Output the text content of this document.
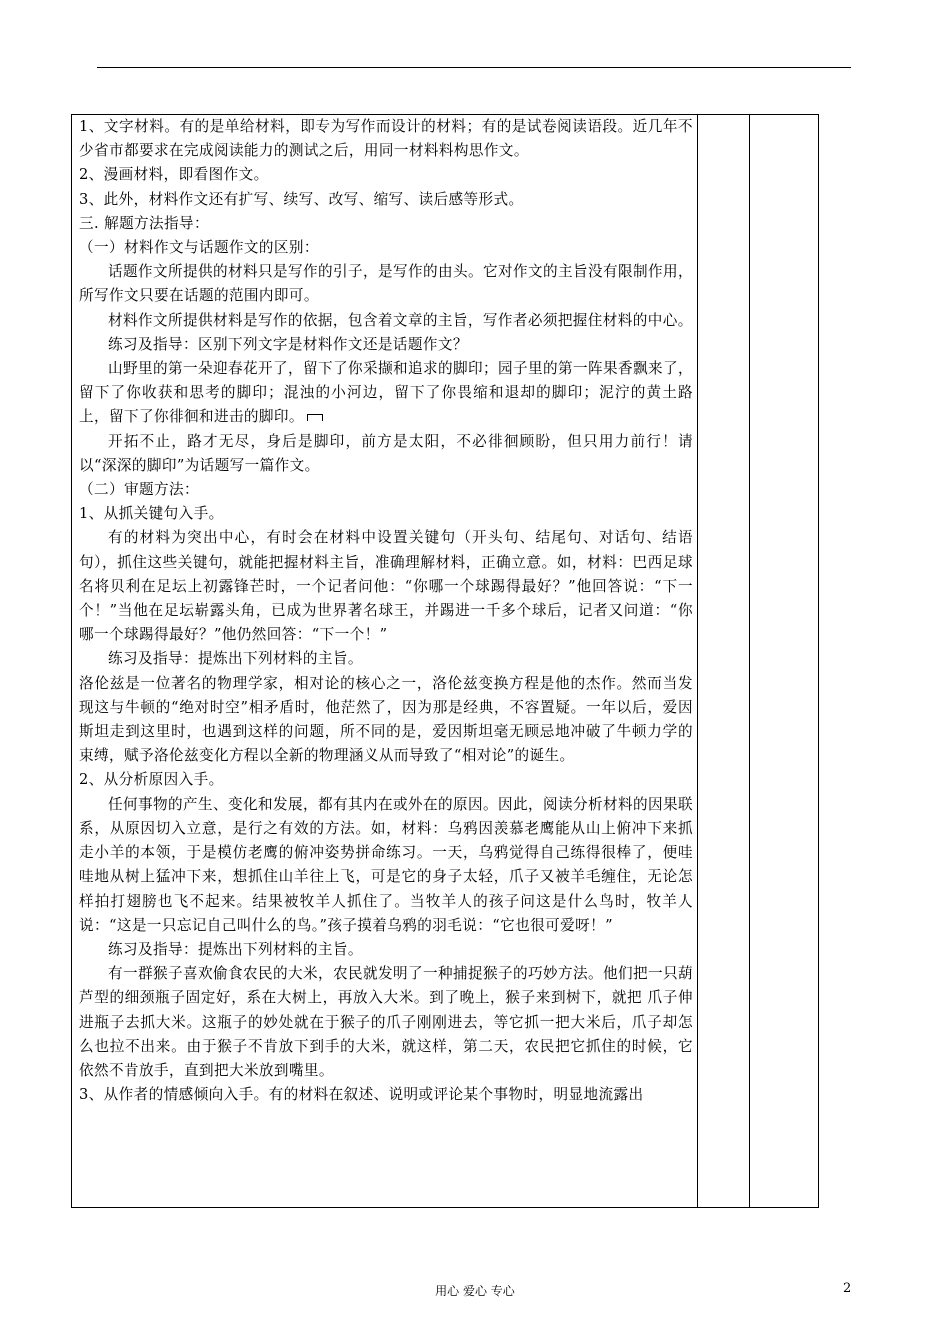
1、文字材料。有的是单给材料，即专为写作而设计的材料；有的是试卷阅读语段。近几年不少省市都要求在完成阅读能力的测试之后，用同一材料料构思作文。

2、漫画材料，即看图作文。

3、此外，材料作文还有扩写、续写、改写、缩写、读后感等形式。

三. 解题方法指导：

（一）材料作文与话题作文的区别：

话题作文所提供的材料只是写作的引子，是写作的由头。它对作文的主旨没有限制作用，所写作文只要在话题的范围内即可。

材料作文所提供材料是写作的依据，包含着文章的主旨，写作者必须把握住材料的中心。

练习及指导：区别下列文字是材料作文还是话题作文？

山野里的第一朵迎春花开了，留下了你采撷和追求的脚印；园子里的第一阵果香飘来了，留下了你收获和思考的脚印；混浊的小河边，留下了你畏缩和退却的脚印；泥泞的黄土路上，留下了你徘徊和进击的脚印。

开拓不止，路才无尽，身后是脚印，前方是太阳，不必徘徊顾盼，但只用力前行！请以“深深的脚印”为话题写一篇作文。

（二）审题方法：

1、从抓关键句入手。

有的材料为突出中心，有时会在材料中设置关键句（开头句、结尾句、对话句、结语句），抓住这些关键句，就能把握材料主旨，准确理解材料，正确立意。如，材料：巴西足球名将贝利在足坛上初露锋芒时，一个记者问他：“你哪一个球踢得最好？”他回答说：“下一个！”当他在足坛崭露头角，已成为世界著名球王，并踢进一千多个球后，记者又问道：“你哪一个球踢得最好？”他仍然回答：“下一个！”

练习及指导：提炼出下列材料的主旨。

洛伦兹是一位著名的物理学家，相对论的核心之一，洛伦兹变换方程是他的杰作。然而当发现这与牛顿的“绝对时空”相矛盾时，他茫然了，因为那是经典，不容置疑。一年以后，爱因斯坦走到这里时，也遇到这样的问题，所不同的是，爱因斯坦毫无顾忌地冲破了牛顿力学的束缚，赋予洛伦兹变化方程以全新的物理涵义从而导致了“相对论”的诞生。

2、从分析原因入手。

任何事物的产生、变化和发展，都有其内在或外在的原因。因此，阅读分析材料的因果联系，从原因切入立意，是行之有效的方法。如，材料：乌鸦因羡慕老鹰能从山上俯冲下来抓走小羊的本领，于是模仿老鹰的俯冲姿势拼命练习。一天，乌鸦觉得自己练得很棒了，便哇哇地从树上猛冲下来，想抓住山羊往上飞，可是它的身子太轻，爪子又被羊毛缠住，无论怎样拍打翅膀也飞不起来。结果被牧羊人抓住了。当牧羊人的孩子问这是什么鸟时，牧羊人说：“这是一只忘记自己叫什么的鸟。”孩子摸着乌鸦的羽毛说：“它也很可爱呀！”

练习及指导：提炼出下列材料的主旨。

有一群猴子喜欢偷食农民的大米，农民就发明了一种捕捉猴子的巧妙方法。他们把一只葫芦型的细颈瓶子固定好，系在大树上，再放入大米。到了晚上，猴子来到树下，就把 爪子伸进瓶子去抓大米。这瓶子的妙处就在于猴子的爪子刚刚进去，等它抓一把大米后，爪子却怎么也拉不出来。由于猴子不肯放下到手的大米，就这样，第二天，农民把它抓住的时候，它依然不肯放手，直到把大米放到嘴里。

3、从作者的情感倾向入手。有的材料在叙述、说明或评论某个事物时，明显地流露出

用心 爱心 专心	2
